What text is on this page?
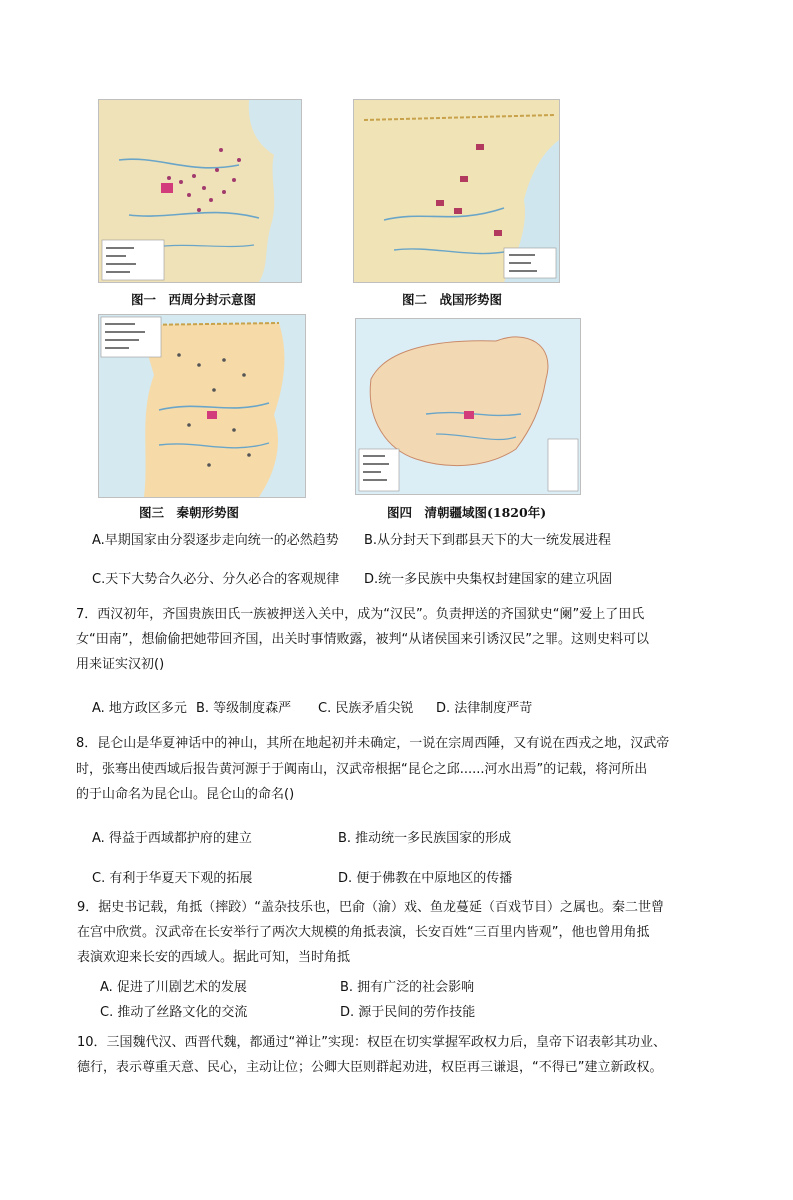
图一　西周分封示意图	图二　战国形势图
图三　秦朝形势图	图四　清朝疆域图(1820年)
A.早期国家由分裂逐步走向统一的必然趋势 B.从分封天下到郡县天下的大一统发展进程
C.天下大势合久必分、分久必合的客观规律 D.统一多民族中央集权封建国家的建立巩固
7．西汉初年，齐国贵族田氏一族被押送入关中，成为“汉民”。负责押送的齐国狱史“阑”爱上了田氏
女“田南”，想偷偷把她带回齐国，出关时事情败露，被判“从诸侯国来引诱汉民”之罪。这则史料可以
用来证实汉初()
A. 地方政区多元 B. 等级制度森严 C. 民族矛盾尖锐 D. 法律制度严苛
8．昆仑山是华夏神话中的神山，其所在地起初并未确定，一说在宗周西陲，又有说在西戎之地，汉武帝
时，张骞出使西域后报告黄河源于于阗南山，汉武帝根据“昆仑之邱......河水出焉”的记载，将河所出
的于山命名为昆仑山。昆仑山的命名()
A. 得益于西域都护府的建立	B. 推动统一多民族国家的形成
C. 有利于华夏天下观的拓展	D. 便于佛教在中原地区的传播
9．据史书记载，角抵（摔跤）“盖杂技乐也，巴俞（渝）戏、鱼龙蔓延（百戏节目）之属也。秦二世曾
在宫中欣赏。汉武帝在长安举行了两次大规模的角抵表演，长安百姓“三百里内皆观”，他也曾用角抵
表演欢迎来长安的西域人。据此可知，当时角抵
A. 促进了川剧艺术的发展	B. 拥有广泛的社会影响
C. 推动了丝路文化的交流	D. 源于民间的劳作技能
10．三国魏代汉、西晋代魏，都通过“禅让”实现：权臣在切实掌握军政权力后，皇帝下诏表彰其功业、
德行，表示尊重天意、民心，主动让位；公卿大臣则群起劝进，权臣再三谦退，“不得已”建立新政权。
